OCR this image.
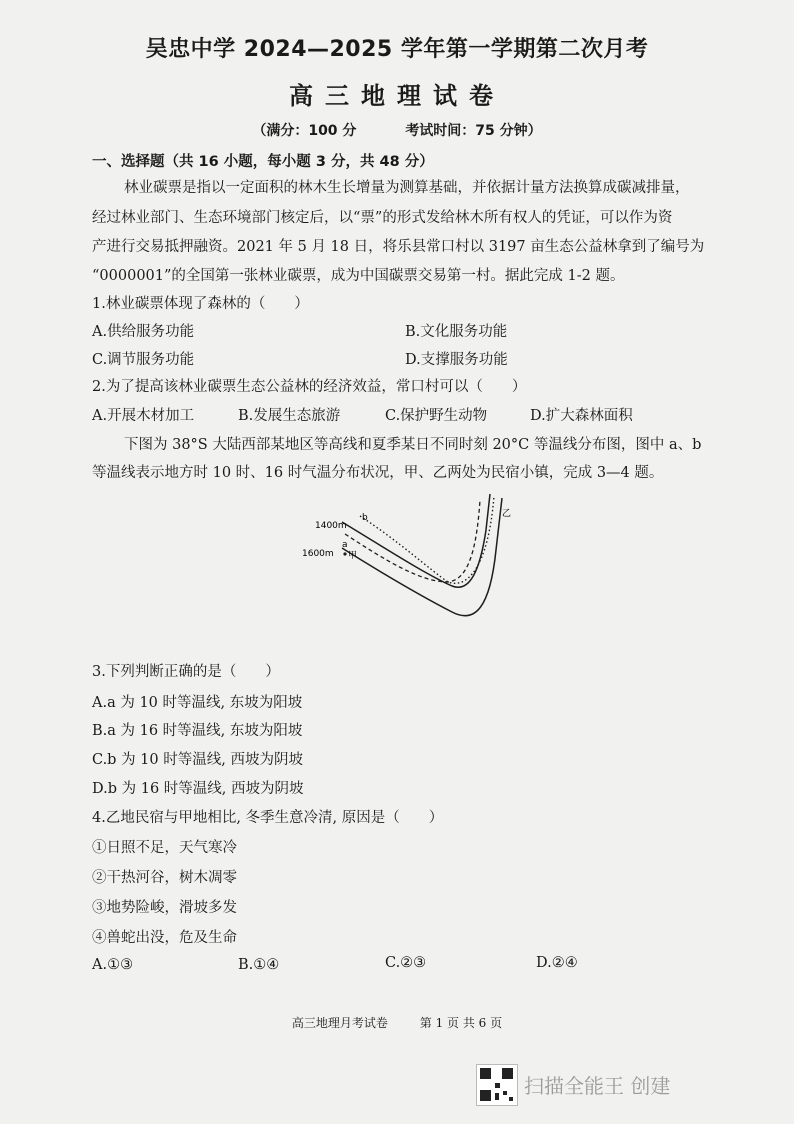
吴忠中学 2024—2025 学年第一学期第二次月考
高三地理试卷
（满分：100 分	考试时间：75 分钟）
一、选择题（共 16 小题，每小题 3 分，共 48 分）
林业碳票是指以一定面积的林木生长增量为测算基础，并依据计量方法换算成碳减排量，
经过林业部门、生态环境部门核定后，以“票”的形式发给林木所有权人的凭证，可以作为资
产进行交易抵押融资。2021 年 5 月 18 日，将乐县常口村以 3197 亩生态公益林拿到了编号为
“0000001”的全国第一张林业碳票，成为中国碳票交易第一村。据此完成 1-2 题。
1.林业碳票体现了森林的（　　）
A.供给服务功能	B.文化服务功能
C.调节服务功能	D.支撑服务功能
2.为了提高该林业碳票生态公益林的经济效益，常口村可以（　　）
A.开展木材加工	B.发展生态旅游	C.保护野生动物	D.扩大森林面积
下图为 38°S 大陆西部某地区等高线和夏季某日不同时刻 20°C 等温线分布图，图中 a、b
等温线表示地方时 10 时、16 时气温分布状况，甲、乙两处为民宿小镇，完成 3—4 题。
1400m
1600m
b
a
甲
乙
3.下列判断正确的是（　　）
A.a 为 10 时等温线, 东坡为阳坡
B.a 为 16 时等温线, 东坡为阳坡
C.b 为 10 时等温线, 西坡为阴坡
D.b 为 16 时等温线, 西坡为阴坡
4.乙地民宿与甲地相比, 冬季生意冷清, 原因是（　　）
①日照不足，天气寒冷
②干热河谷，树木凋零
③地势险峻，滑坡多发
④兽蛇出没，危及生命
A.①③	B.①④	C.②③	D.②④
高三地理月考试卷	第 1 页 共 6 页
扫描全能王 创建
